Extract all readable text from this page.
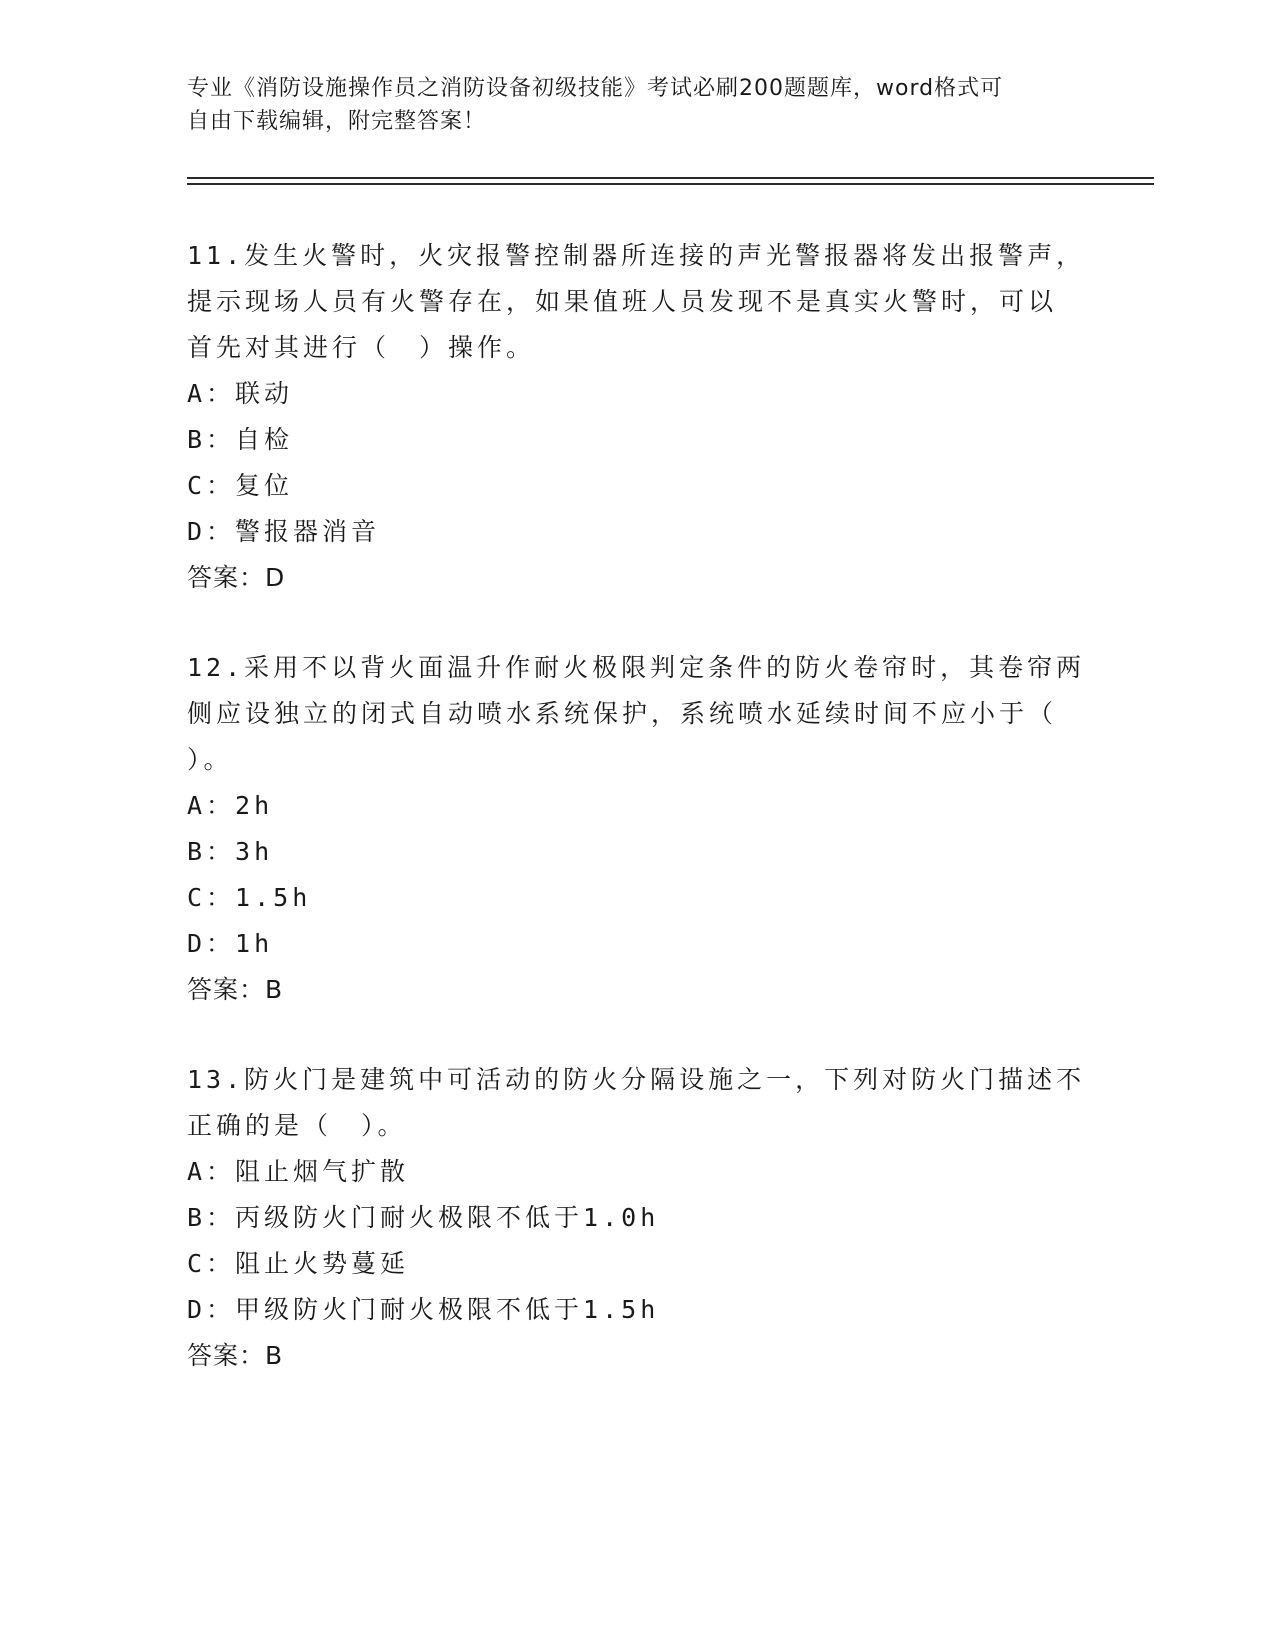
专业《消防设施操作员之消防设备初级技能》考试必刷200题题库，word格式可
自由下载编辑，附完整答案！
11.发生火警时，火灾报警控制器所连接的声光警报器将发出报警声，
提示现场人员有火警存在，如果值班人员发现不是真实火警时，可以
首先对其进行（　）操作。
A：联动
B：自检
C：复位
D：警报器消音
答案：D
12.采用不以背火面温升作耐火极限判定条件的防火卷帘时，其卷帘两
侧应设独立的闭式自动喷水系统保护，系统喷水延续时间不应小于（
）。
A：2h
B：3h
C：1.5h
D：1h
答案：B
13.防火门是建筑中可活动的防火分隔设施之一，下列对防火门描述不
正确的是（　）。
A：阻止烟气扩散
B：丙级防火门耐火极限不低于1.0h
C：阻止火势蔓延
D：甲级防火门耐火极限不低于1.5h
答案：B
